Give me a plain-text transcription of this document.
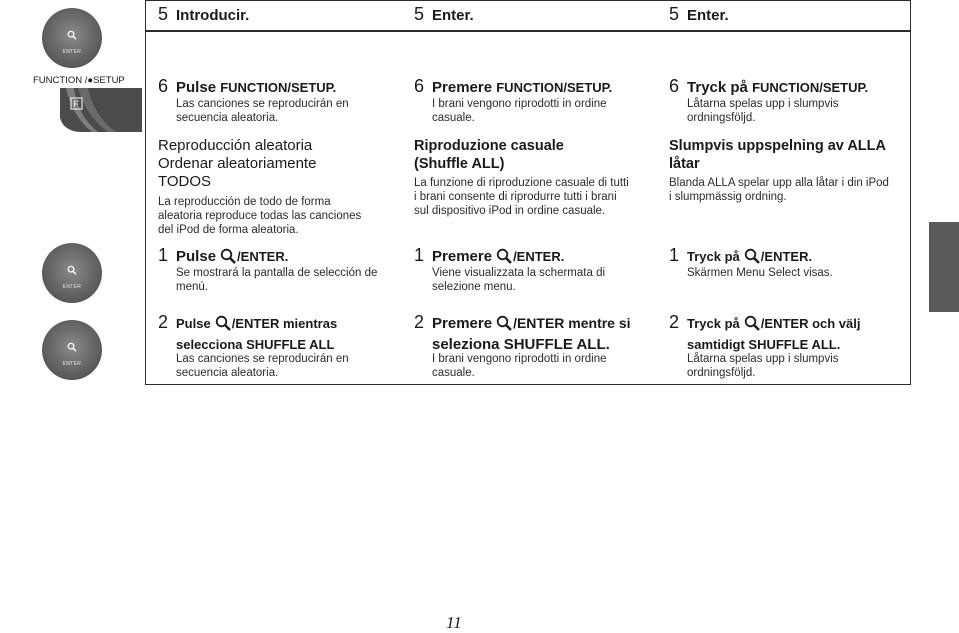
ENTER
FUNCTION /●SETUP
ENTER
ENTER
5 Introducir.
6 Pulse FUNCTION/SETUP.
Las canciones se reproducirán en
secuencia aleatoria.
Reproducción aleatoria
Ordenar aleatoriamente
TODOS
La reproducción de todo de forma
aleatoria reproduce todas las canciones
del iPod de forma aleatoria.
1 Pulse /ENTER.
Se mostrará la pantalla de selección de
menú.
2 Pulse /ENTER mientras
selecciona SHUFFLE ALL
Las canciones se reproducirán en
secuencia aleatoria.
5 Enter.
6 Premere FUNCTION/SETUP.
I brani vengono riprodotti in ordine
casuale.
Riproduzione casuale
(Shuffle ALL)
La funzione di riproduzione casuale di tutti
i brani consente di riprodurre tutti i brani
sul dispositivo iPod in ordine casuale.
1 Premere /ENTER.
Viene visualizzata la schermata di
selezione menu.
2 Premere /ENTER mentre si
seleziona SHUFFLE ALL.
I brani vengono riprodotti in ordine
casuale.
5 Enter.
6 Tryck på FUNCTION/SETUP.
Låtarna spelas upp i slumpvis
ordningsföljd.
Slumpvis uppspelning av ALLA
låtar
Blanda ALLA spelar upp alla låtar i din iPod
i slumpmässig ordning.
1 Tryck på /ENTER.
Skärmen Menu Select visas.
2 Tryck på /ENTER och välj
samtidigt SHUFFLE ALL.
Låtarna spelas upp i slumpvis
ordningsföljd.
11
